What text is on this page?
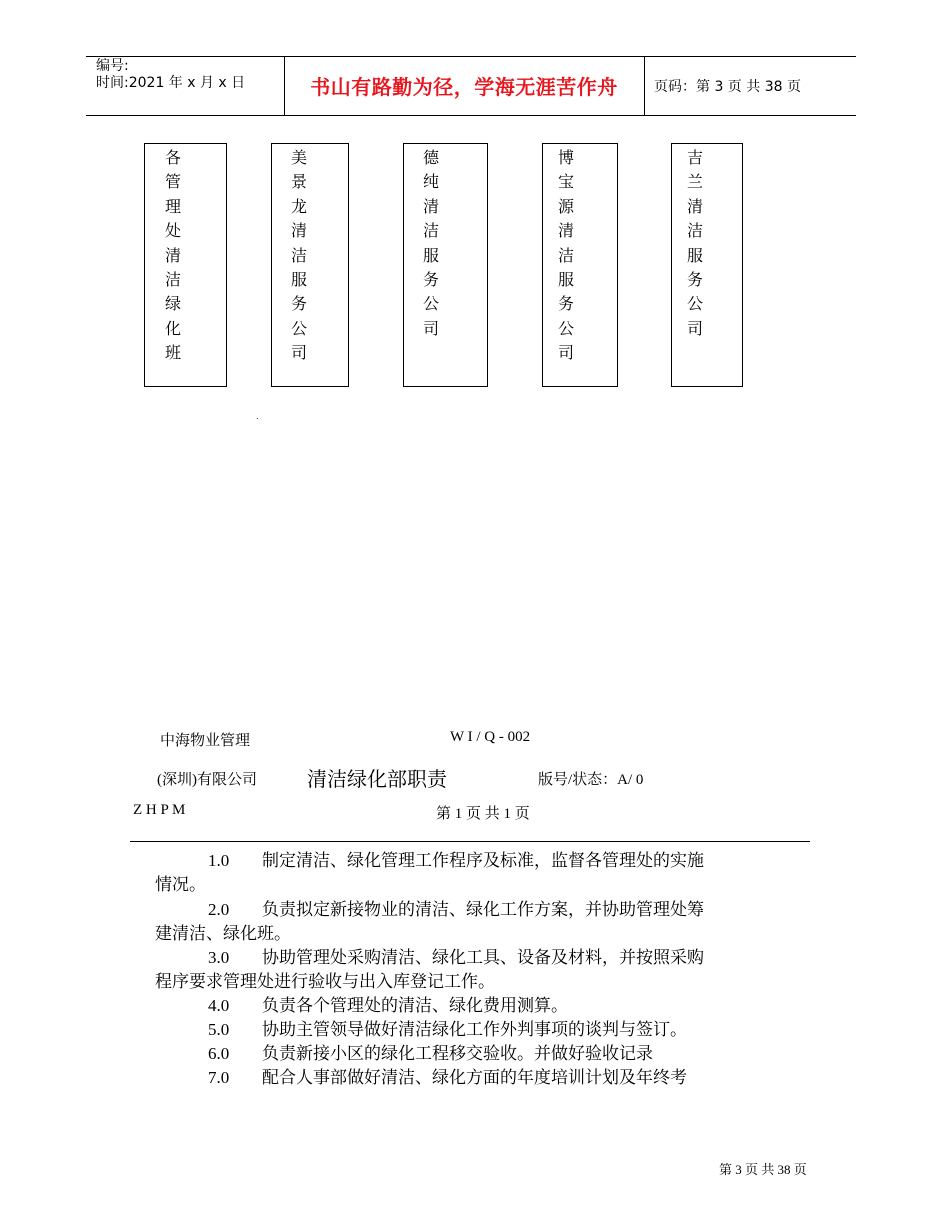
编号:
时间:2021 年 x 月 x 日	书山有路勤为径，学海无涯苦作舟	页码：第 3 页 共 38 页
各管理处清洁绿化班
美景龙清洁服务公司
德纯清洁服务公司
博宝源清洁服务公司
吉兰清洁服务公司
.
中海物业管理	W I / Q - 002
(深圳)有限公司	清洁绿化部职责	版号/状态：A/ 0
Z H P M	第 1 页 共 1 页
1.0 制定清洁、绿化管理工作程序及标准，监督各管理处的实施
情况。
2.0 负责拟定新接物业的清洁、绿化工作方案，并协助管理处筹
建清洁、绿化班。
3.0 协助管理处采购清洁、绿化工具、设备及材料，并按照采购
程序要求管理处进行验收与出入库登记工作。
4.0 负责各个管理处的清洁、绿化费用测算。
5.0 协助主管领导做好清洁绿化工作外判事项的谈判与签订。
6.0 负责新接小区的绿化工程移交验收。并做好验收记录
7.0 配合人事部做好清洁、绿化方面的年度培训计划及年终考
第 3 页 共 38 页
